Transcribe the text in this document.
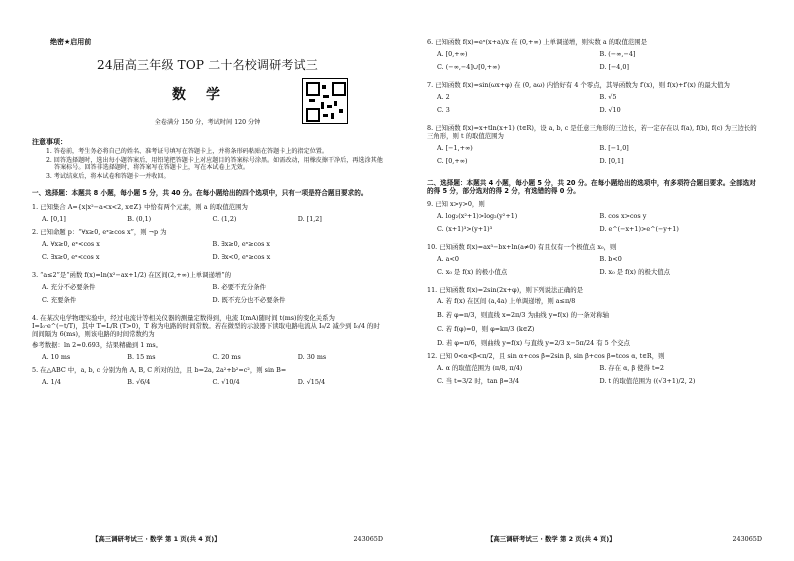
绝密★启用前
24届高三年级 TOP 二十名校调研考试三
数学
全卷满分 150 分，考试时间 120 分钟
注意事项：
1. 答卷前，考生务必将自己的姓名、准考证号填写在答题卡上，并将条形码粘贴在答题卡上的指定位置。
2. 回答选择题时，选出每小题答案后，用铅笔把答题卡上对应题目的答案标号涂黑。如需改动，用橡皮擦干净后，再选涂其他答案标号。回答非选择题时，将答案写在答题卡上，写在本试卷上无效。
3. 考试结束后，将本试卷和答题卡一并收回。
一、选择题：本题共 8 小题，每小题 5 分，共 40 分。在每小题给出的四个选项中，只有一项是符合题目要求的。
1. 已知集合 A={x|x²−a<x<2, x∈Z} 中恰有两个元素，则 a 的取值范围为
A. [0,1]	B. (0,1)	C. (1,2)	D. [1,2]
2. 已知命题 p：“∀x≥0, eˣ≥cos x”，则 ¬p 为
A. ∀x≥0, eˣ<cos x	B. ∃x≥0, eˣ≥cos x
C. ∃x≥0, eˣ<cos x	D. ∃x<0, eˣ≥cos x
3. “a≤2”是“函数 f(x)=ln(x²−ax+1/2) 在区间(2,+∞)上单调递增”的
A. 充分不必要条件	B. 必要不充分条件
C. 充要条件	D. 既不充分也不必要条件
4. 在某次电学物理实验中，经过电流计等相关仪器的测量定数得到，电流 I(mA)随时间 t(ms)的变化关系为 I=I₀·e^(−t/T)，其中 T=L/R (T>0)，T 称为电路的时间常数。若在微型的示波器下读取电路电流从 I₀/2 减少到 I₀/4 的时间间隔为 6(ms)，则该电路的时间常数约为
参考数据：ln 2≈0.693，结果精确到 1 ms。
A. 10 ms	B. 15 ms	C. 20 ms	D. 30 ms
5. 在△ABC 中，a, b, c 分别为角 A, B, C 所对的边，且 b=2a, 2a²+b²=c²，则 sin B=
A. 1/4	B. √6/4	C. √10/4	D. √15/4
【高三调研考试三 · 数学 第 1 页(共 4 页)】	243065D
6. 已知函数 f(x)=eˣ(x+a)/x 在 (0,+∞) 上单调递增，则实数 a 的取值范围是
A. [0,+∞)	B. (−∞,−4]
C. (−∞,−4]∪[0,+∞)	D. [−4,0]
7. 已知函数 f(x)=sin(ωx+φ) 在 (0, aω) 内恰好有 4 个零点，其导函数为 f′(x)，则 f(x)+f′(x) 的最大值为
A. 2	B. √5
C. 3	D. √10
8. 已知函数 f(x)=x+tln(x+1) (t∈R)，设 a, b, c 是任意三角形的三边长，若一定存在以 f(a), f(b), f(c) 为三边长的三角形，则 t 的取值范围为
A. [−1,+∞)	B. [−1,0]
C. [0,+∞)	D. [0,1]
二、选择题：本题共 4 小题，每小题 5 分，共 20 分。在每小题给出的选项中，有多项符合题目要求。全部选对的得 5 分，部分选对的得 2 分，有选错的得 0 分。
9. 已知 x>y>0，则
A. log₂(x²+1)>log₂(y²+1)	B. cos x>cos y
C. (x+1)³>(y+1)³	D. e^(−x+1)>e^(−y+1)
10. 已知函数 f(x)=ax³−bx+ln(a≠0) 有且仅有一个极值点 x₀，则
A. a<0	B. b<0
C. x₀ 是 f(x) 的极小值点	D. x₀ 是 f(x) 的极大值点
11. 已知函数 f(x)=2sin(2x+φ)，则下列说法正确的是
A. 若 f(x) 在区间 (a,4a) 上单调递增，则 a≤π/8
B. 若 φ=π/3，则直线 x=2π/3 为曲线 y=f(x) 的一条对称轴
C. 若 f(φ)=0，则 φ=kπ/3 (k∈Z)
D. 若 φ=π/6，则曲线 y=f(x) 与直线 y=2/3 x−5π/24 有 5 个交点
12. 已知 0<α<β<π/2，且 sin α+cos β=2sin β, sin β+cos β=tcos α, t∈R，则
A. α 的取值范围为 (π/8, π/4)	B. 存在 α, β 使得 t=2
C. 当 t=3/2 时，tan β=3/4	D. t 的取值范围为 ((√3+1)/2, 2)
【高三调研考试三 · 数学 第 2 页(共 4 页)】	243065D
